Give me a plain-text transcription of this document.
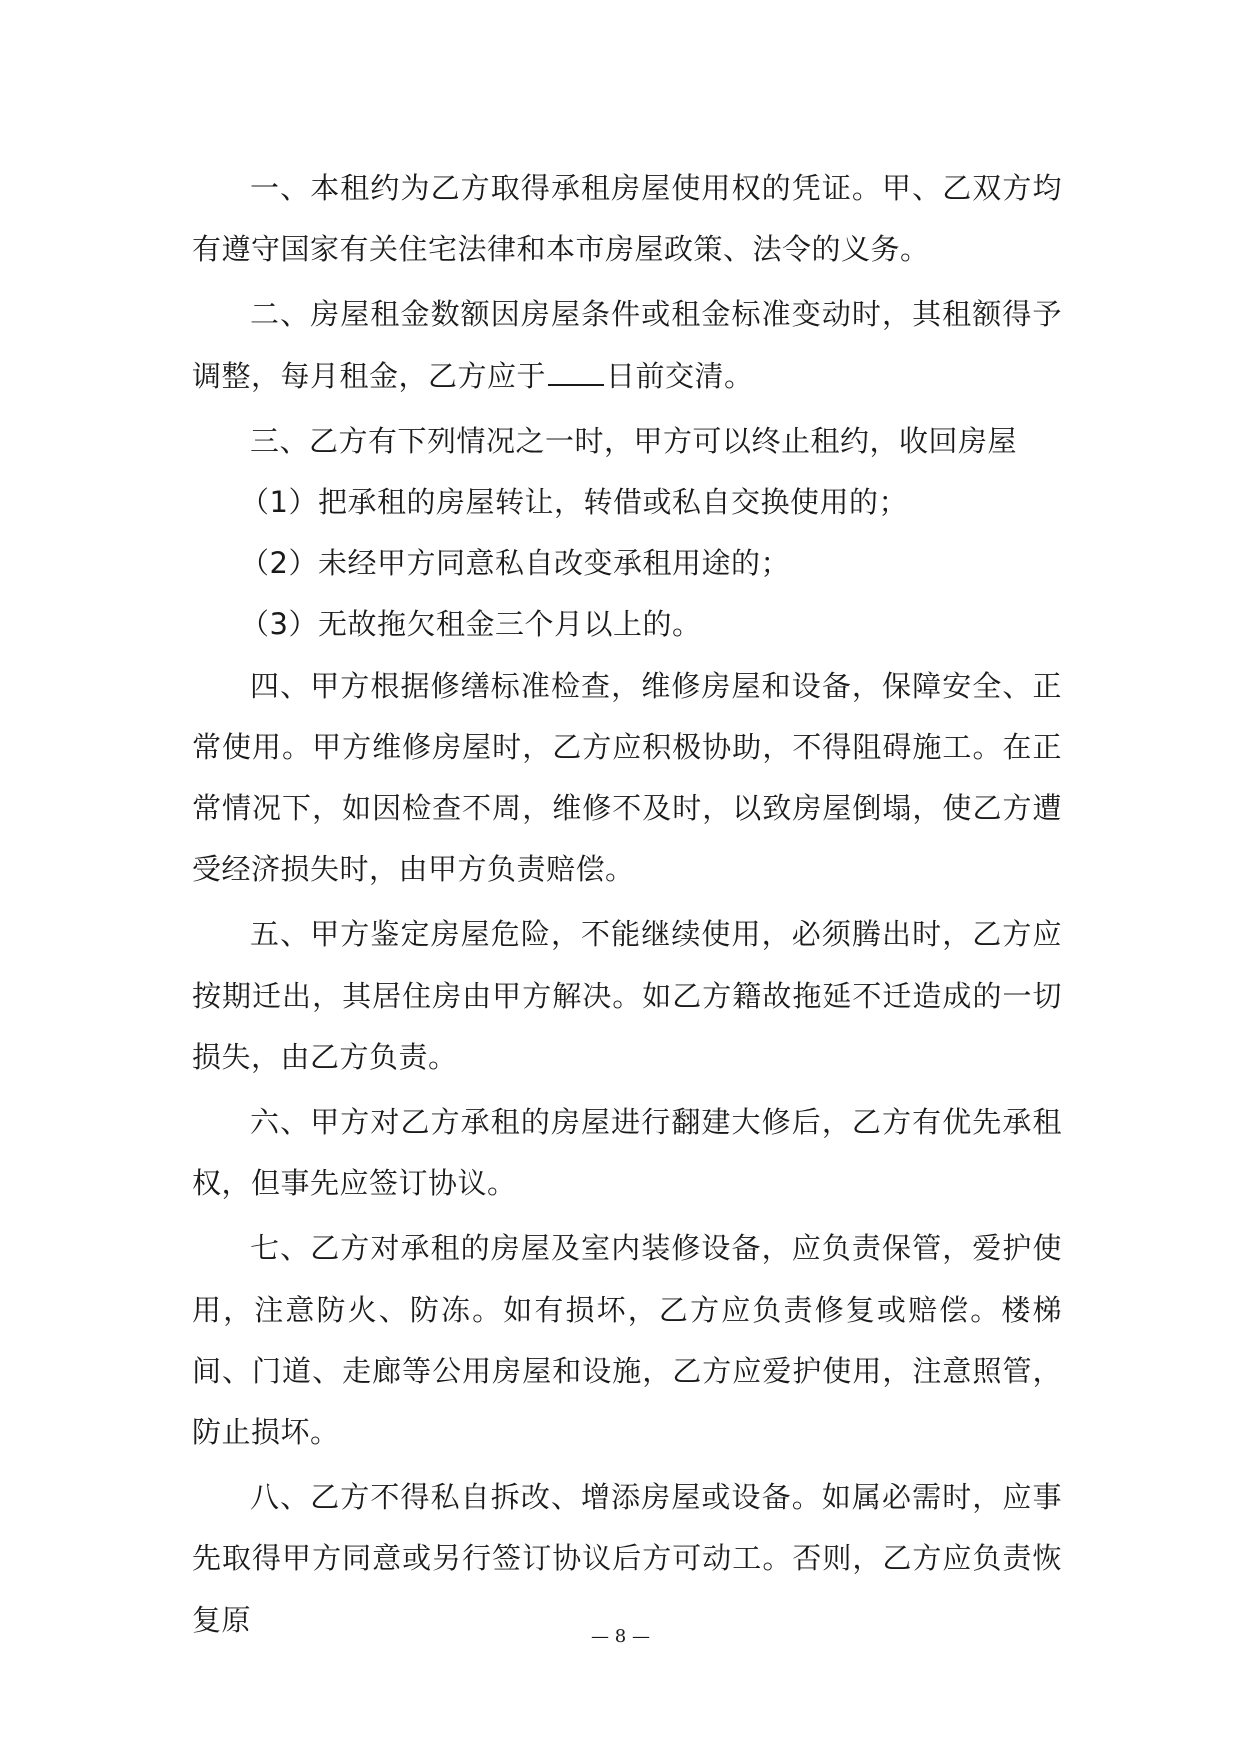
一、本租约为乙方取得承租房屋使用权的凭证。甲、乙双方均有遵守国家有关住宅法律和本市房屋政策、法令的义务。

二、房屋租金数额因房屋条件或租金标准变动时，其租额得予调整，每月租金，乙方应于 日前交清。

三、乙方有下列情况之一时，甲方可以终止租约，收回房屋

（1）把承租的房屋转让，转借或私自交换使用的；

（2）未经甲方同意私自改变承租用途的；

（3）无故拖欠租金三个月以上的。

四、甲方根据修缮标准检查，维修房屋和设备，保障安全、正常使用。甲方维修房屋时，乙方应积极协助，不得阻碍施工。在正常情况下，如因检查不周，维修不及时，以致房屋倒塌，使乙方遭受经济损失时，由甲方负责赔偿。

五、甲方鉴定房屋危险，不能继续使用，必须腾出时，乙方应按期迁出，其居住房由甲方解决。如乙方籍故拖延不迁造成的一切损失，由乙方负责。

六、甲方对乙方承租的房屋进行翻建大修后，乙方有优先承租权，但事先应签订协议。

七、乙方对承租的房屋及室内装修设备，应负责保管，爱护使用，注意防火、防冻。如有损坏，乙方应负责修复或赔偿。楼梯间、门道、走廊等公用房屋和设施，乙方应爱护使用，注意照管，防止损坏。

八、乙方不得私自拆改、增添房屋或设备。如属必需时，应事先取得甲方同意或另行签订协议后方可动工。否则，乙方应负责恢复原	— 8 —
